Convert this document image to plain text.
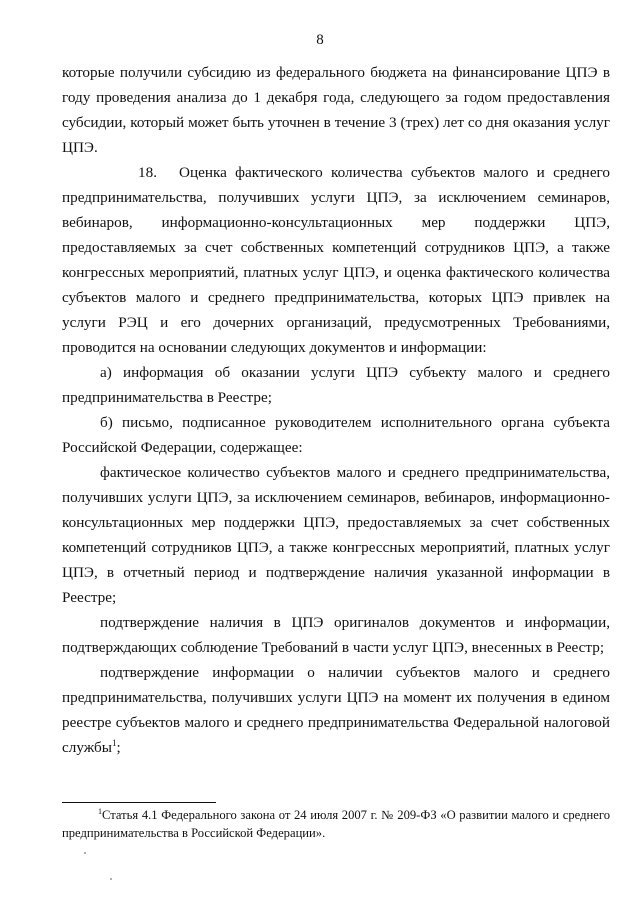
8

которые получили субсидию из федерального бюджета на финансирование ЦПЭ в году проведения анализа до 1 декабря года, следующего за годом предоставления субсидии, который может быть уточнен в течение 3 (трех) лет со дня оказания услуг ЦПЭ.

18. Оценка фактического количества субъектов малого и среднего предпринимательства, получивших услуги ЦПЭ, за исключением семинаров, вебинаров, информационно-консультационных мер поддержки ЦПЭ, предоставляемых за счет собственных компетенций сотрудников ЦПЭ, а также конгрессных мероприятий, платных услуг ЦПЭ, и оценка фактического количества субъектов малого и среднего предпринимательства, которых ЦПЭ привлек на услуги РЭЦ и его дочерних организаций, предусмотренных Требованиями, проводится на основании следующих документов и информации:

а) информация об оказании услуги ЦПЭ субъекту малого и среднего предпринимательства в Реестре;

б) письмо, подписанное руководителем исполнительного органа субъекта Российской Федерации, содержащее:

фактическое количество субъектов малого и среднего предпринимательства, получивших услуги ЦПЭ, за исключением семинаров, вебинаров, информационно-консультационных мер поддержки ЦПЭ, предоставляемых за счет собственных компетенций сотрудников ЦПЭ, а также конгрессных мероприятий, платных услуг ЦПЭ, в отчетный период и подтверждение наличия указанной информации в Реестре;

подтверждение наличия в ЦПЭ оригиналов документов и информации, подтверждающих соблюдение Требований в части услуг ЦПЭ, внесенных в Реестр;

подтверждение информации о наличии субъектов малого и среднего предпринимательства, получивших услуги ЦПЭ на момент их получения в едином реестре субъектов малого и среднего предпринимательства Федеральной налоговой службы$^1$;

$^1$Статья 4.1 Федерального закона от 24 июля 2007 г. № 209-ФЗ «О развитии малого и среднего предпринимательства в Российской Федерации».
